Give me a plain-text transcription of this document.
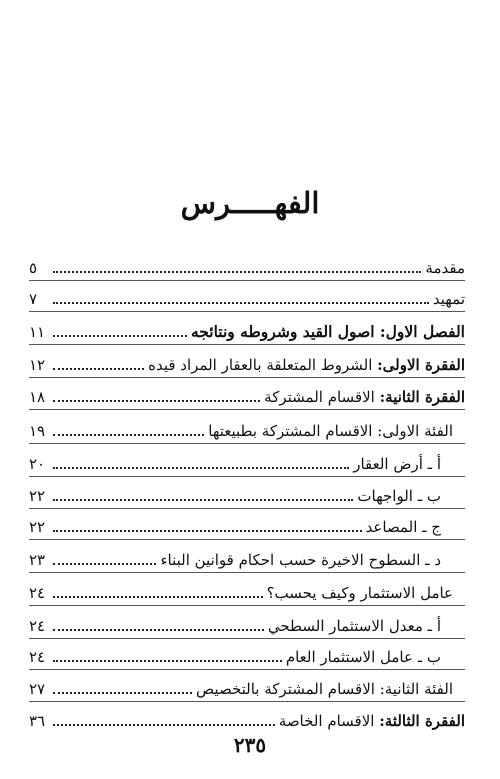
الفهـــــرس
مقدمة
٥
تمهيد
٧
الفصل الاول: اصول القيد وشروطه ونتائجه
١١
الفقرة الاولى: الشروط المتعلقة بالعقار المراد قيده
١٢
الفقرة الثانية: الاقسام المشتركة
١٨
الفئة الاولى: الاقسام المشتركة بطبيعتها
١٩
أ ـ أرض العقار
٢٠
ب ـ الواجهات
٢٢
ج ـ المصاعد
٢٢
د ـ السطوح الاخيرة حسب احكام قوانين البناء
٢٣
عامل الاستثمار وكيف يحسب؟
٢٤
أ ـ معدل الاستثمار السطحي
٢٤
ب ـ عامل الاستثمار العام
٢٤
الفئة الثانية: الاقسام المشتركة بالتخصيص
٢٧
الفقرة الثالثة: الاقسام الخاصة
٣٦
٢٣٥
